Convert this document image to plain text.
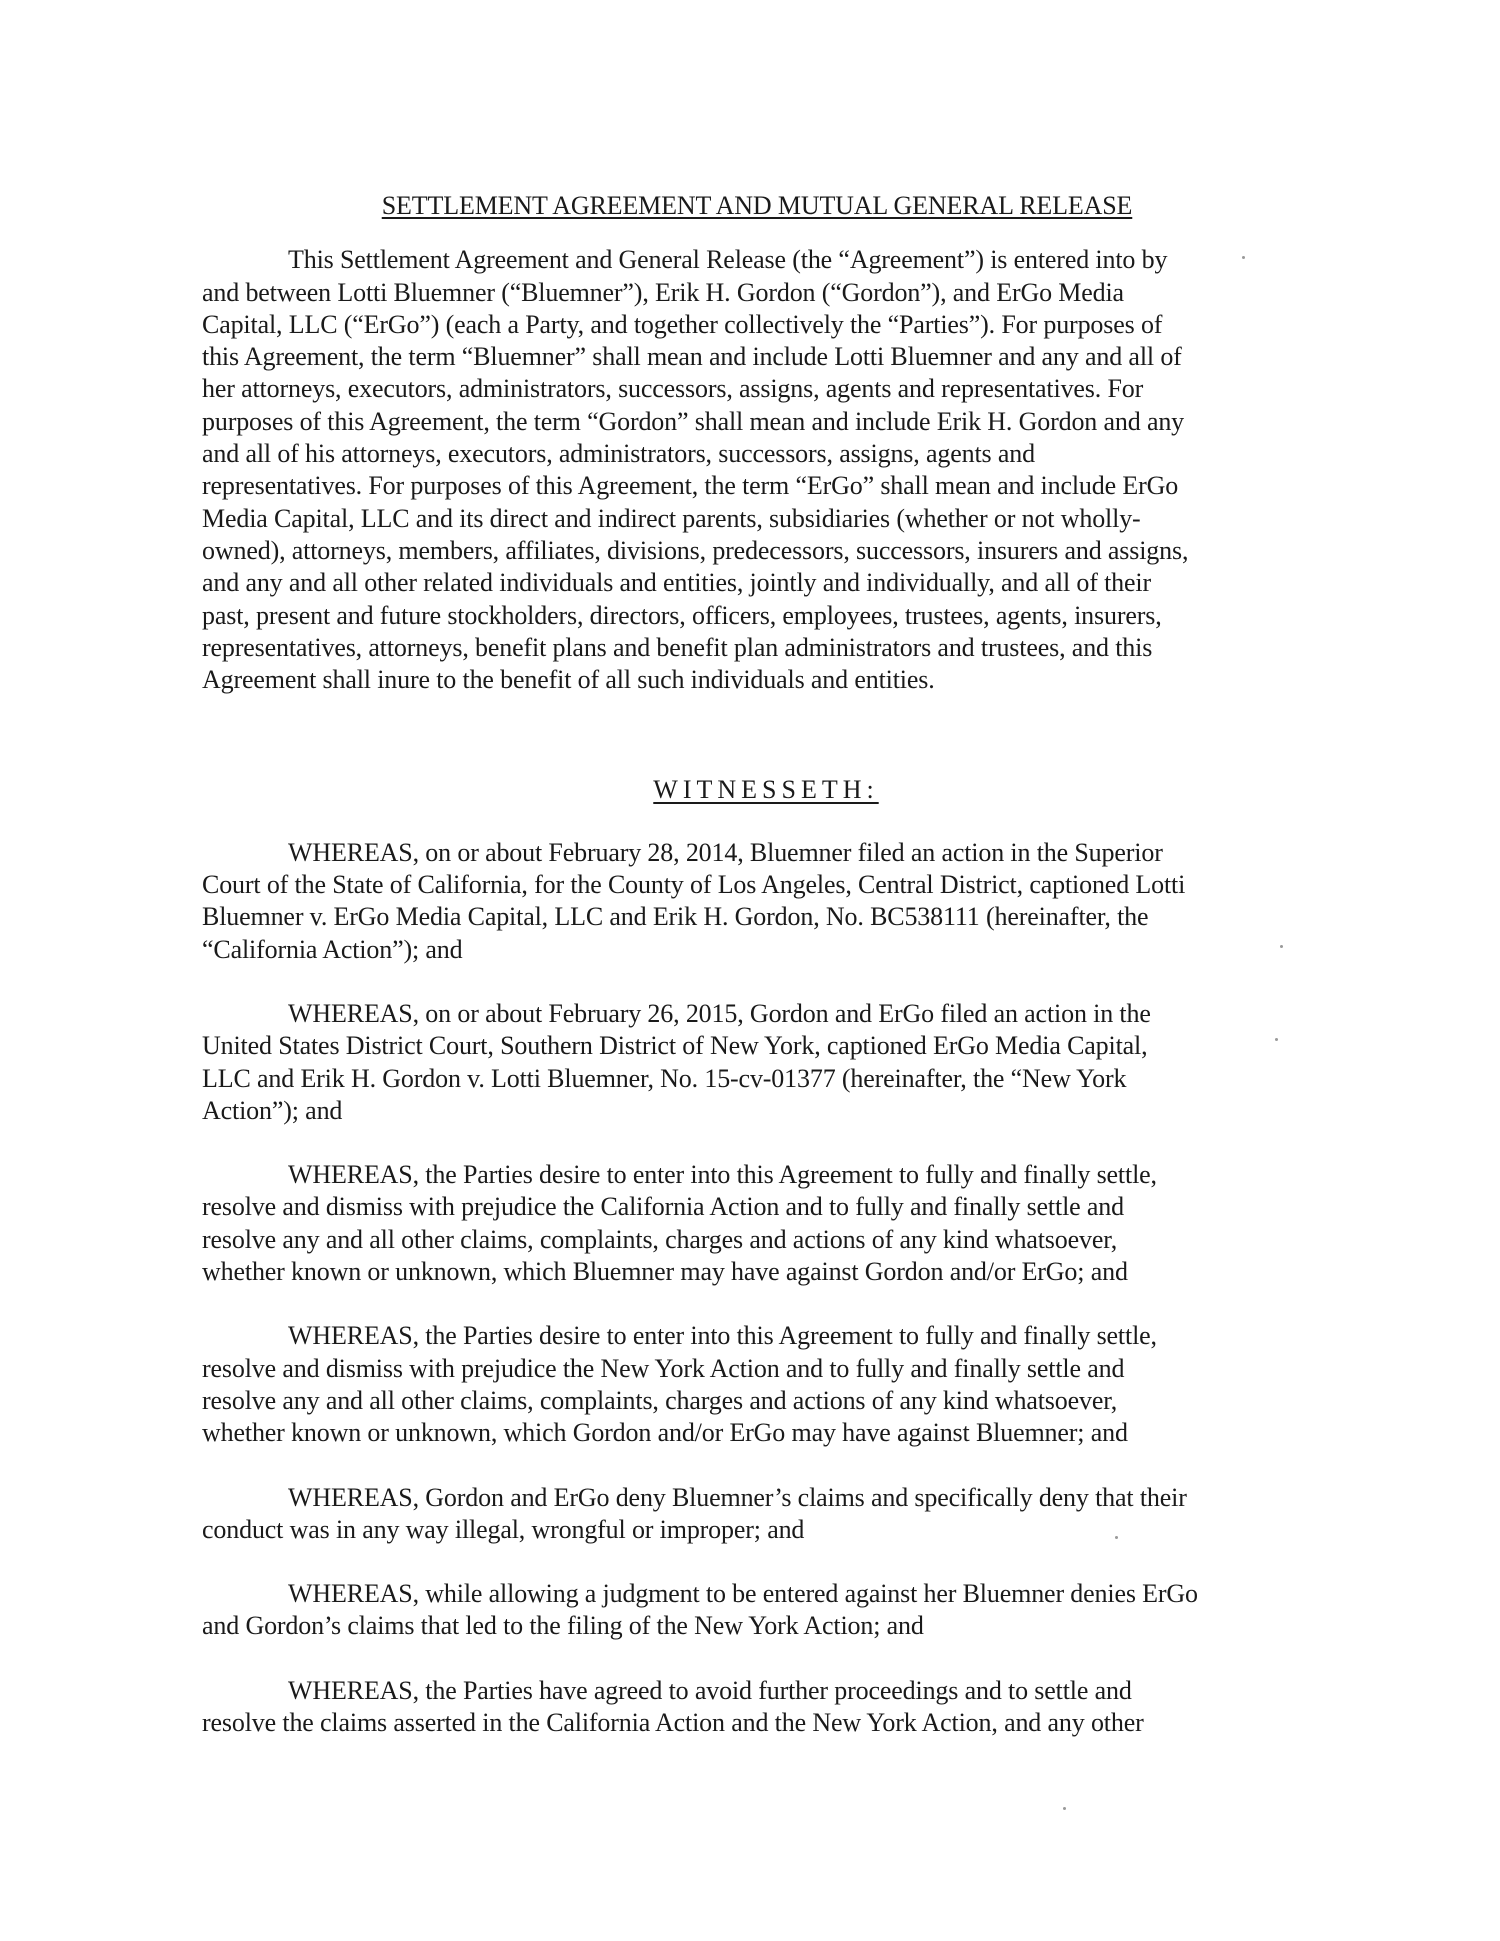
SETTLEMENT AGREEMENT AND MUTUAL GENERAL RELEASE
This Settlement Agreement and General Release (the “Agreement”) is entered into by
and between Lotti Bluemner (“Bluemner”), Erik H. Gordon (“Gordon”), and ErGo Media
Capital, LLC (“ErGo”) (each a Party, and together collectively the “Parties”). For purposes of
this Agreement, the term “Bluemner” shall mean and include Lotti Bluemner and any and all of
her attorneys, executors, administrators, successors, assigns, agents and representatives. For
purposes of this Agreement, the term “Gordon” shall mean and include Erik H. Gordon and any
and all of his attorneys, executors, administrators, successors, assigns, agents and
representatives. For purposes of this Agreement, the term “ErGo” shall mean and include ErGo
Media Capital, LLC and its direct and indirect parents, subsidiaries (whether or not wholly-
owned), attorneys, members, affiliates, divisions, predecessors, successors, insurers and assigns,
and any and all other related individuals and entities, jointly and individually, and all of their
past, present and future stockholders, directors, officers, employees, trustees, agents, insurers,
representatives, attorneys, benefit plans and benefit plan administrators and trustees, and this
Agreement shall inure to the benefit of all such individuals and entities.
WITNESSETH:
WHEREAS, on or about February 28, 2014, Bluemner filed an action in the Superior
Court of the State of California, for the County of Los Angeles, Central District, captioned Lotti
Bluemner v. ErGo Media Capital, LLC and Erik H. Gordon, No. BC538111 (hereinafter, the
“California Action”); and
WHEREAS, on or about February 26, 2015, Gordon and ErGo filed an action in the
United States District Court, Southern District of New York, captioned ErGo Media Capital,
LLC and Erik H. Gordon v. Lotti Bluemner, No. 15-cv-01377 (hereinafter, the “New York
Action”); and
WHEREAS, the Parties desire to enter into this Agreement to fully and finally settle,
resolve and dismiss with prejudice the California Action and to fully and finally settle and
resolve any and all other claims, complaints, charges and actions of any kind whatsoever,
whether known or unknown, which Bluemner may have against Gordon and/or ErGo; and
WHEREAS, the Parties desire to enter into this Agreement to fully and finally settle,
resolve and dismiss with prejudice the New York Action and to fully and finally settle and
resolve any and all other claims, complaints, charges and actions of any kind whatsoever,
whether known or unknown, which Gordon and/or ErGo may have against Bluemner; and
WHEREAS, Gordon and ErGo deny Bluemner’s claims and specifically deny that their
conduct was in any way illegal, wrongful or improper; and
WHEREAS, while allowing a judgment to be entered against her Bluemner denies ErGo
and Gordon’s claims that led to the filing of the New York Action; and
WHEREAS, the Parties have agreed to avoid further proceedings and to settle and
resolve the claims asserted in the California Action and the New York Action, and any other
